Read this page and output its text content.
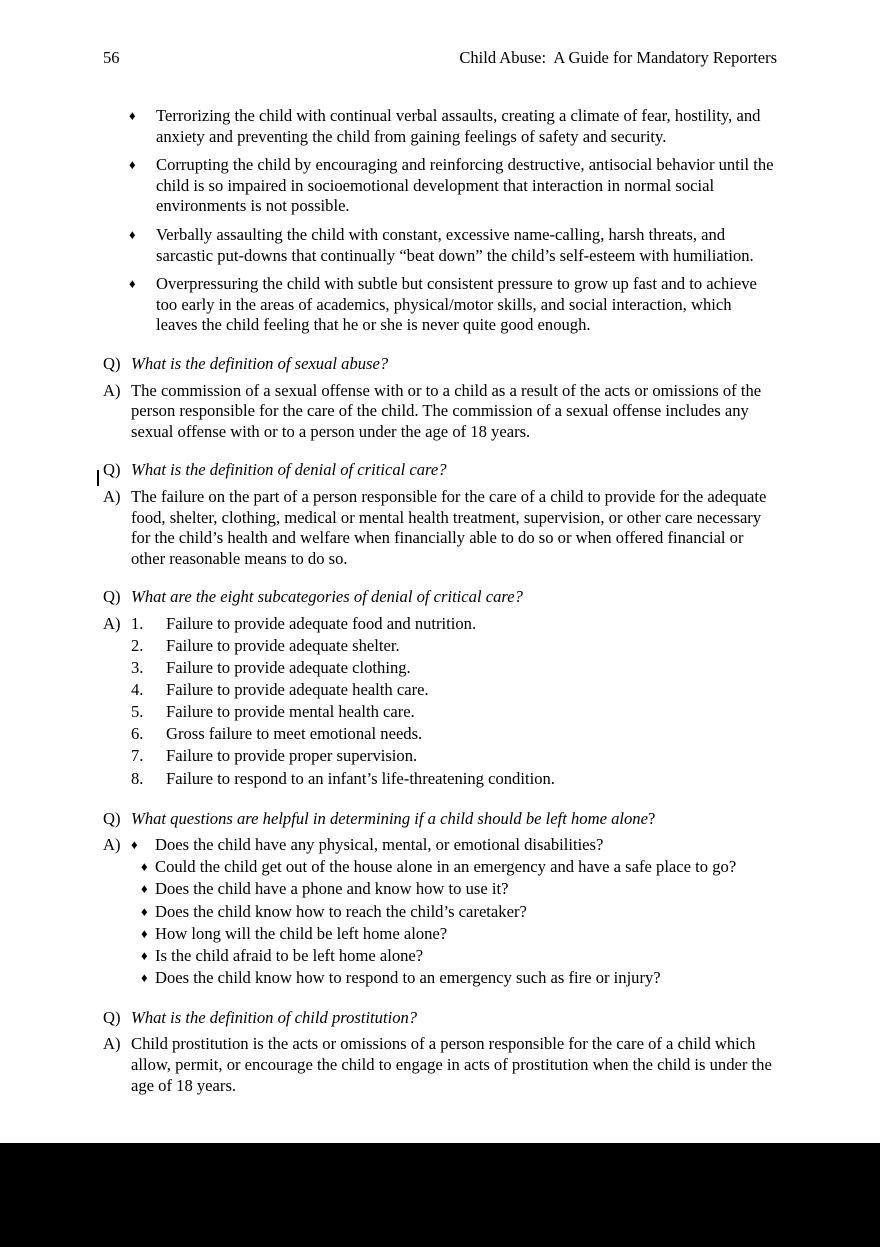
56	Child Abuse:  A Guide for Mandatory Reporters
♦	Terrorizing the child with continual verbal assaults, creating a climate of fear, hostility, and anxiety and preventing the child from gaining feelings of safety and security.
♦	Corrupting the child by encouraging and reinforcing destructive, antisocial behavior until the child is so impaired in socioemotional development that interaction in normal social environments is not possible.
♦	Verbally assaulting the child with constant, excessive name-calling, harsh threats, and sarcastic put-downs that continually “beat down” the child’s self-esteem with humiliation.
♦	Overpressuring the child with subtle but consistent pressure to grow up fast and to achieve too early in the areas of academics, physical/motor skills, and social interaction, which leaves the child feeling that he or she is never quite good enough.
Q) What is the definition of sexual abuse?
A) The commission of a sexual offense with or to a child as a result of the acts or omissions of the person responsible for the care of the child. The commission of a sexual offense includes any sexual offense with or to a person under the age of 18 years.
Q) What is the definition of denial of critical care?
A) The failure on the part of a person responsible for the care of a child to provide for the adequate food, shelter, clothing, medical or mental health treatment, supervision, or other care necessary for the child’s health and welfare when financially able to do so or when offered financial or other reasonable means to do so.
Q) What are the eight subcategories of denial of critical care?
A) 1.	Failure to provide adequate food and nutrition.
2.	Failure to provide adequate shelter.
3.	Failure to provide adequate clothing.
4.	Failure to provide adequate health care.
5.	Failure to provide mental health care.
6.	Gross failure to meet emotional needs.
7.	Failure to provide proper supervision.
8.	Failure to respond to an infant’s life-threatening condition.
Q) What questions are helpful in determining if a child should be left home alone?
A) ♦	Does the child have any physical, mental, or emotional disabilities?
♦ Could the child get out of the house alone in an emergency and have a safe place to go?
♦ Does the child have a phone and know how to use it?
♦ Does the child know how to reach the child’s caretaker?
♦ How long will the child be left home alone?
♦ Is the child afraid to be left home alone?
♦ Does the child know how to respond to an emergency such as fire or injury?
Q) What is the definition of child prostitution?
A) Child prostitution is the acts or omissions of a person responsible for the care of a child which allow, permit, or encourage the child to engage in acts of prostitution when the child is under the age of 18 years.
